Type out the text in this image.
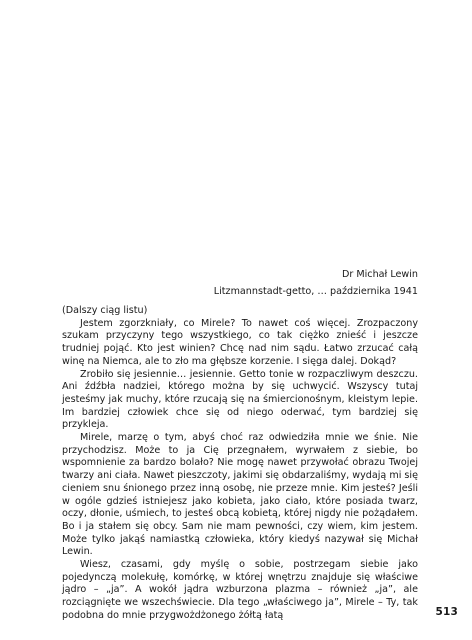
Dr Michał Lewin
Litzmannstadt-getto, … października 1941

(Dalszy ciąg listu)

Jestem zgorzkniały, co Mirele? To nawet coś więcej. Zrozpaczony szukam przyczyny tego wszystkiego, co tak ciężko znieść i jeszcze trudniej pojąć. Kto jest winien? Chcę nad nim sądu. Łatwo zrzucać całą winę na Niemca, ale to zło ma głębsze korzenie. I sięga dalej. Dokąd?

Zrobiło się jesiennie… jesiennie. Getto tonie w rozpaczliwym deszczu. Ani źdźbła nadziei, którego można by się uchwycić. Wszyscy tutaj jesteśmy jak muchy, które rzucają się na śmiercionośnym, kleistym lepie. Im bardziej człowiek chce się od niego oderwać, tym bardziej się przykleja.

Mirele, marzę o tym, abyś choć raz odwiedziła mnie we śnie. Nie przychodzisz. Może to ja Cię przegnałem, wyrwałem z siebie, bo wspomnienie za bardzo bolało? Nie mogę nawet przywołać obrazu Twojej twarzy ani ciała. Nawet pieszczoty, jakimi się obdarzaliśmy, wydają mi się cieniem snu śnionego przez inną osobę, nie przeze mnie. Kim jesteś? Jeśli w ogóle gdzieś istniejesz jako kobieta, jako ciało, które posiada twarz, oczy, dłonie, uśmiech, to jesteś obcą kobietą, której nigdy nie pożądałem. Bo i ja stałem się obcy. Sam nie mam pewności, czy wiem, kim jestem. Może tylko jakąś namiastką człowieka, który kiedyś nazywał się Michał Lewin.

Wiesz, czasami, gdy myślę o sobie, postrzegam siebie jako pojedynczą molekułę, komórkę, w której wnętrzu znajduje się właściwe jądro – „ja”. A wokół jądra wzburzona plazma – również „ja”, ale rozciągnięte we wszechświecie. Dla tego „właściwego ja”, Mirele – Ty, tak podobna do mnie przygwożdżonego żółtą łatą	513
